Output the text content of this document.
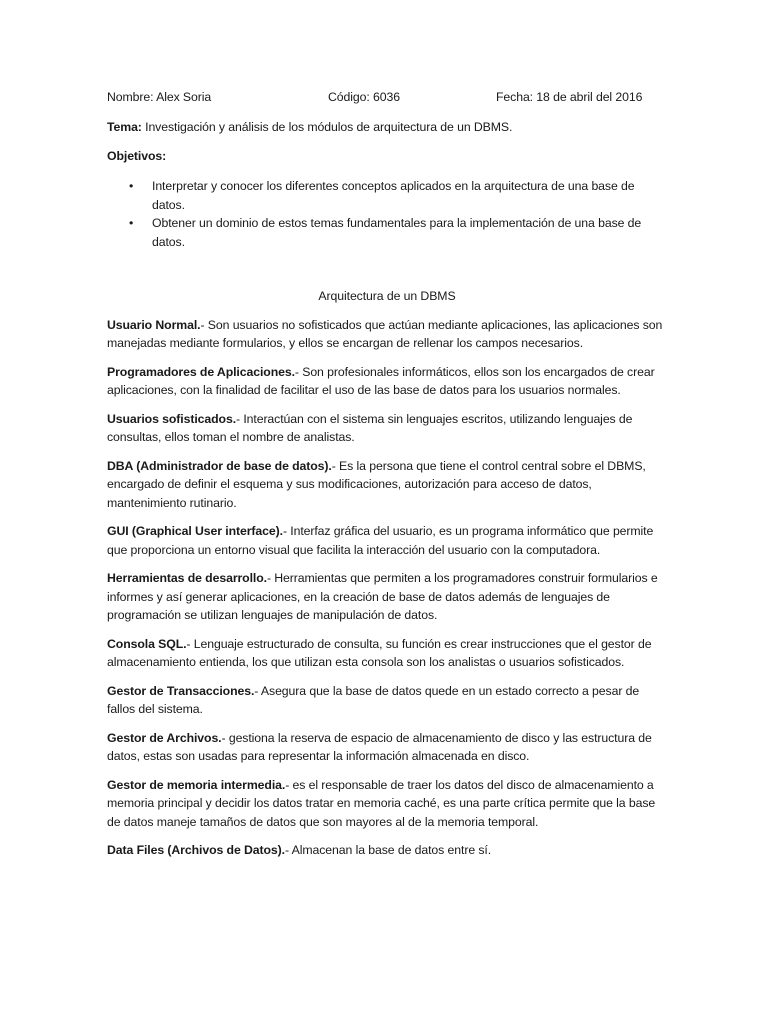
Nombre: Alex Soria	Código: 6036	Fecha: 18 de abril del 2016
Tema: Investigación y análisis de los módulos de arquitectura de un DBMS.
Objetivos:
• Interpretar y conocer los diferentes conceptos aplicados en la arquitectura de una base de datos.
• Obtener un dominio de estos temas fundamentales para la implementación de una base de datos.
Arquitectura de un DBMS

Usuario Normal.- Son usuarios no sofisticados que actúan mediante aplicaciones, las aplicaciones son manejadas mediante formularios, y ellos se encargan de rellenar los campos necesarios.

Programadores de Aplicaciones.- Son profesionales informáticos, ellos son los encargados de crear aplicaciones, con la finalidad de facilitar el uso de las base de datos para los usuarios normales.

Usuarios sofisticados.- Interactúan con el sistema sin lenguajes escritos, utilizando lenguajes de consultas, ellos toman el nombre de analistas.

DBA (Administrador de base de datos).- Es la persona que tiene el control central sobre el DBMS, encargado de definir el esquema y sus modificaciones, autorización para acceso de datos, mantenimiento rutinario.

GUI (Graphical User interface).- Interfaz gráfica del usuario, es un programa informático que permite que proporciona un entorno visual que facilita la interacción del usuario con la computadora.

Herramientas de desarrollo.- Herramientas que permiten a los programadores construir formularios e informes y así generar aplicaciones, en la creación de base de datos además de lenguajes de programación se utilizan lenguajes de manipulación de datos.

Consola SQL.- Lenguaje estructurado de consulta, su función es crear instrucciones que el gestor de almacenamiento entienda, los que utilizan esta consola son los analistas o usuarios sofisticados.

Gestor de Transacciones.- Asegura que la base de datos quede en un estado correcto a pesar de fallos del sistema.

Gestor de Archivos.- gestiona la reserva de espacio de almacenamiento de disco y las estructura de datos, estas son usadas para representar la información almacenada en disco.

Gestor de memoria intermedia.- es el responsable de traer los datos del disco de almacenamiento a memoria principal y decidir los datos tratar en memoria caché, es una parte crítica permite que la base de datos maneje tamaños de datos que son mayores al de la memoria temporal.

Data Files (Archivos de Datos).- Almacenan la base de datos entre sí.
